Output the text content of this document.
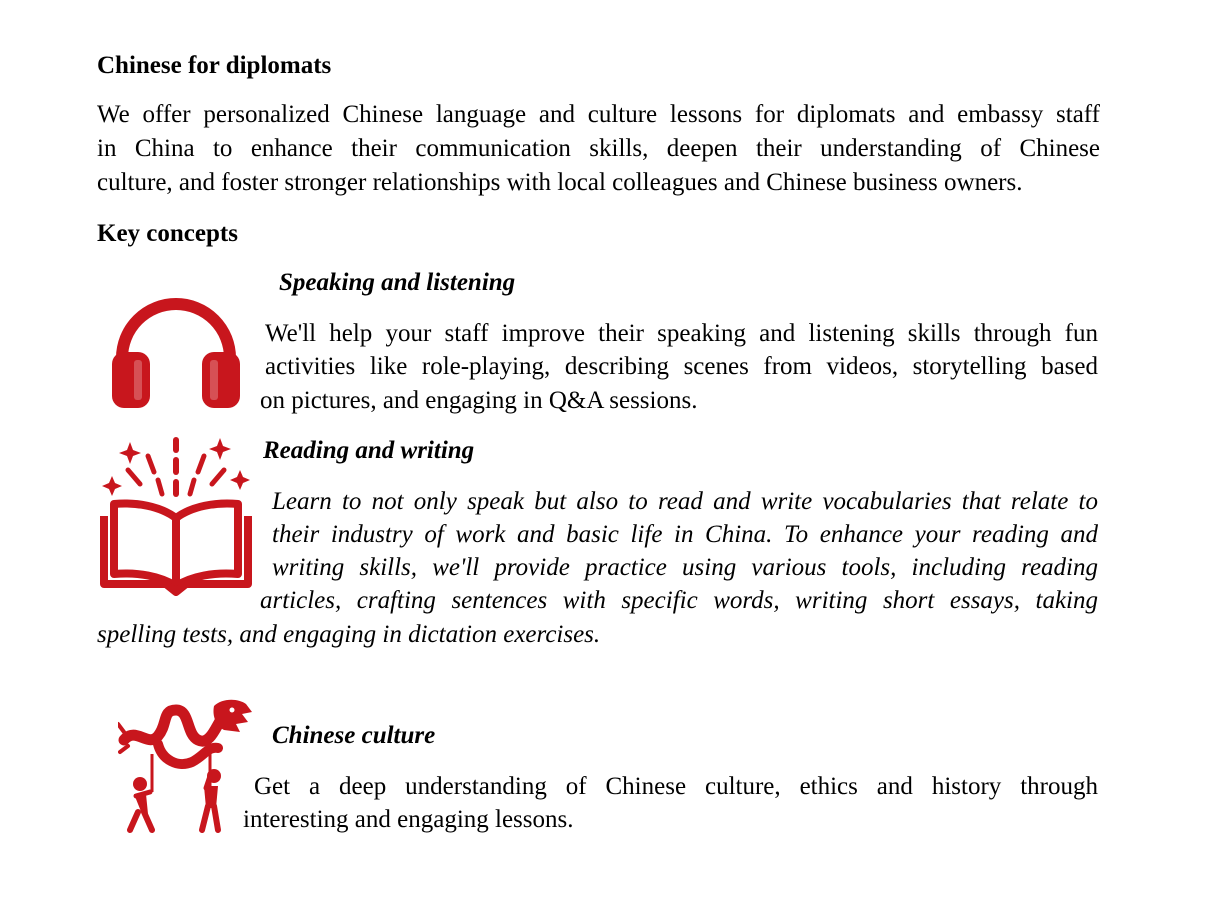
Chinese for diplomats
We offer personalized Chinese language and culture lessons for diplomats and embassy staff
in China to enhance their communication skills, deepen their understanding of Chinese
culture, and foster stronger relationships with local colleagues and Chinese business owners.
Key concepts
Speaking and listening
We'll help your staff improve their speaking and listening skills through fun
activities like role-playing, describing scenes from videos, storytelling based
on pictures, and engaging in Q&A sessions.
Reading and writing
Learn to not only speak but also to read and write vocabularies that relate to
their industry of work and basic life in China. To enhance your reading and
writing skills, we'll provide practice using various tools, including reading
articles, crafting sentences with specific words, writing short essays, taking
spelling tests, and engaging in dictation exercises.
Chinese culture
Get a deep understanding of Chinese culture, ethics and history through
interesting and engaging lessons.
